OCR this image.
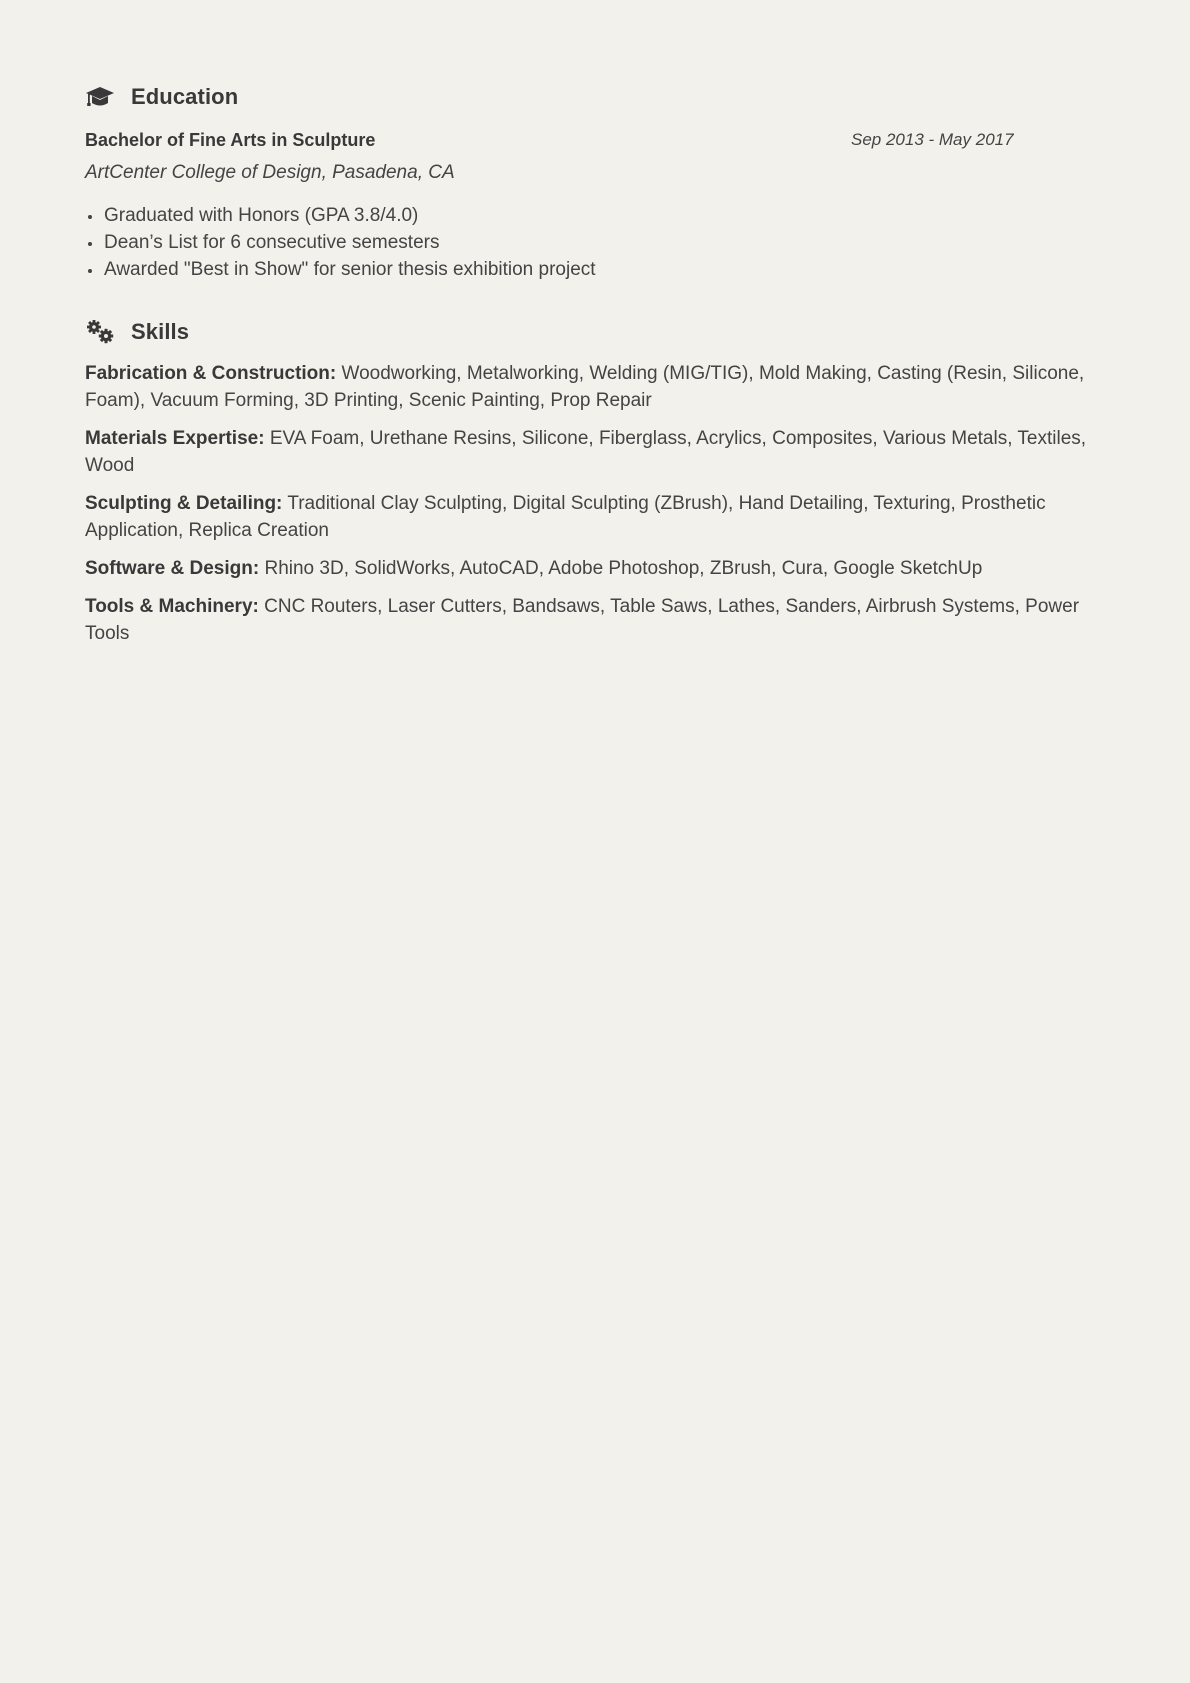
Education
Bachelor of Fine Arts in Sculpture	Sep 2013 - May 2017
ArtCenter College of Design, Pasadena, CA
Graduated with Honors (GPA 3.8/4.0)
Dean’s List for 6 consecutive semesters
Awarded "Best in Show" for senior thesis exhibition project
Skills
Fabrication & Construction: Woodworking, Metalworking, Welding (MIG/TIG), Mold Making, Casting (Resin, Silicone, Foam), Vacuum Forming, 3D Printing, Scenic Painting, Prop Repair
Materials Expertise: EVA Foam, Urethane Resins, Silicone, Fiberglass, Acrylics, Composites, Various Metals, Textiles, Wood
Sculpting & Detailing: Traditional Clay Sculpting, Digital Sculpting (ZBrush), Hand Detailing, Texturing, Prosthetic Application, Replica Creation
Software & Design: Rhino 3D, SolidWorks, AutoCAD, Adobe Photoshop, ZBrush, Cura, Google SketchUp
Tools & Machinery: CNC Routers, Laser Cutters, Bandsaws, Table Saws, Lathes, Sanders, Airbrush Systems, Power Tools
